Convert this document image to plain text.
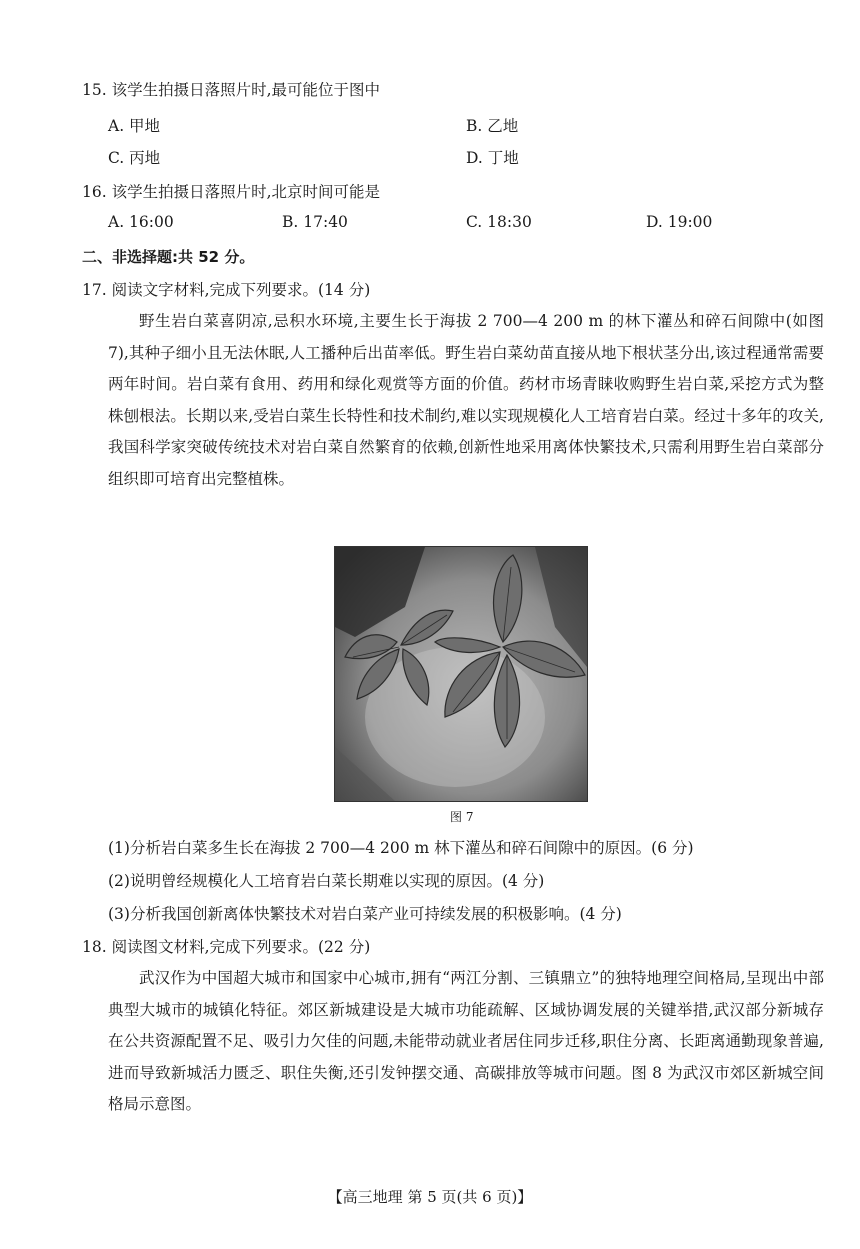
15. 该学生拍摄日落照片时,最可能位于图中
A. 甲地	B. 乙地
C. 丙地	D. 丁地
16. 该学生拍摄日落照片时,北京时间可能是
A. 16:00	B. 17:40	C. 18:30	D. 19:00
二、非选择题:共 52 分。
17. 阅读文字材料,完成下列要求。(14 分)
野生岩白菜喜阴凉,忌积水环境,主要生长于海拔 2 700—4 200 m 的林下灌丛和碎石间隙中(如图 7),其种子细小且无法休眠,人工播种后出苗率低。野生岩白菜幼苗直接从地下根状茎分出,该过程通常需要两年时间。岩白菜有食用、药用和绿化观赏等方面的价值。药材市场青睐收购野生岩白菜,采挖方式为整株刨根法。长期以来,受岩白菜生长特性和技术制约,难以实现规模化人工培育岩白菜。经过十多年的攻关,我国科学家突破传统技术对岩白菜自然繁育的依赖,创新性地采用离体快繁技术,只需利用野生岩白菜部分组织即可培育出完整植株。
图 7
(1)分析岩白菜多生长在海拔 2 700—4 200 m 林下灌丛和碎石间隙中的原因。(6 分)
(2)说明曾经规模化人工培育岩白菜长期难以实现的原因。(4 分)
(3)分析我国创新离体快繁技术对岩白菜产业可持续发展的积极影响。(4 分)
18. 阅读图文材料,完成下列要求。(22 分)
武汉作为中国超大城市和国家中心城市,拥有“两江分割、三镇鼎立”的独特地理空间格局,呈现出中部典型大城市的城镇化特征。郊区新城建设是大城市功能疏解、区域协调发展的关键举措,武汉部分新城存在公共资源配置不足、吸引力欠佳的问题,未能带动就业者居住同步迁移,职住分离、长距离通勤现象普遍,进而导致新城活力匮乏、职住失衡,还引发钟摆交通、高碳排放等城市问题。图 8 为武汉市郊区新城空间格局示意图。
【高三地理 第 5 页(共 6 页)】
